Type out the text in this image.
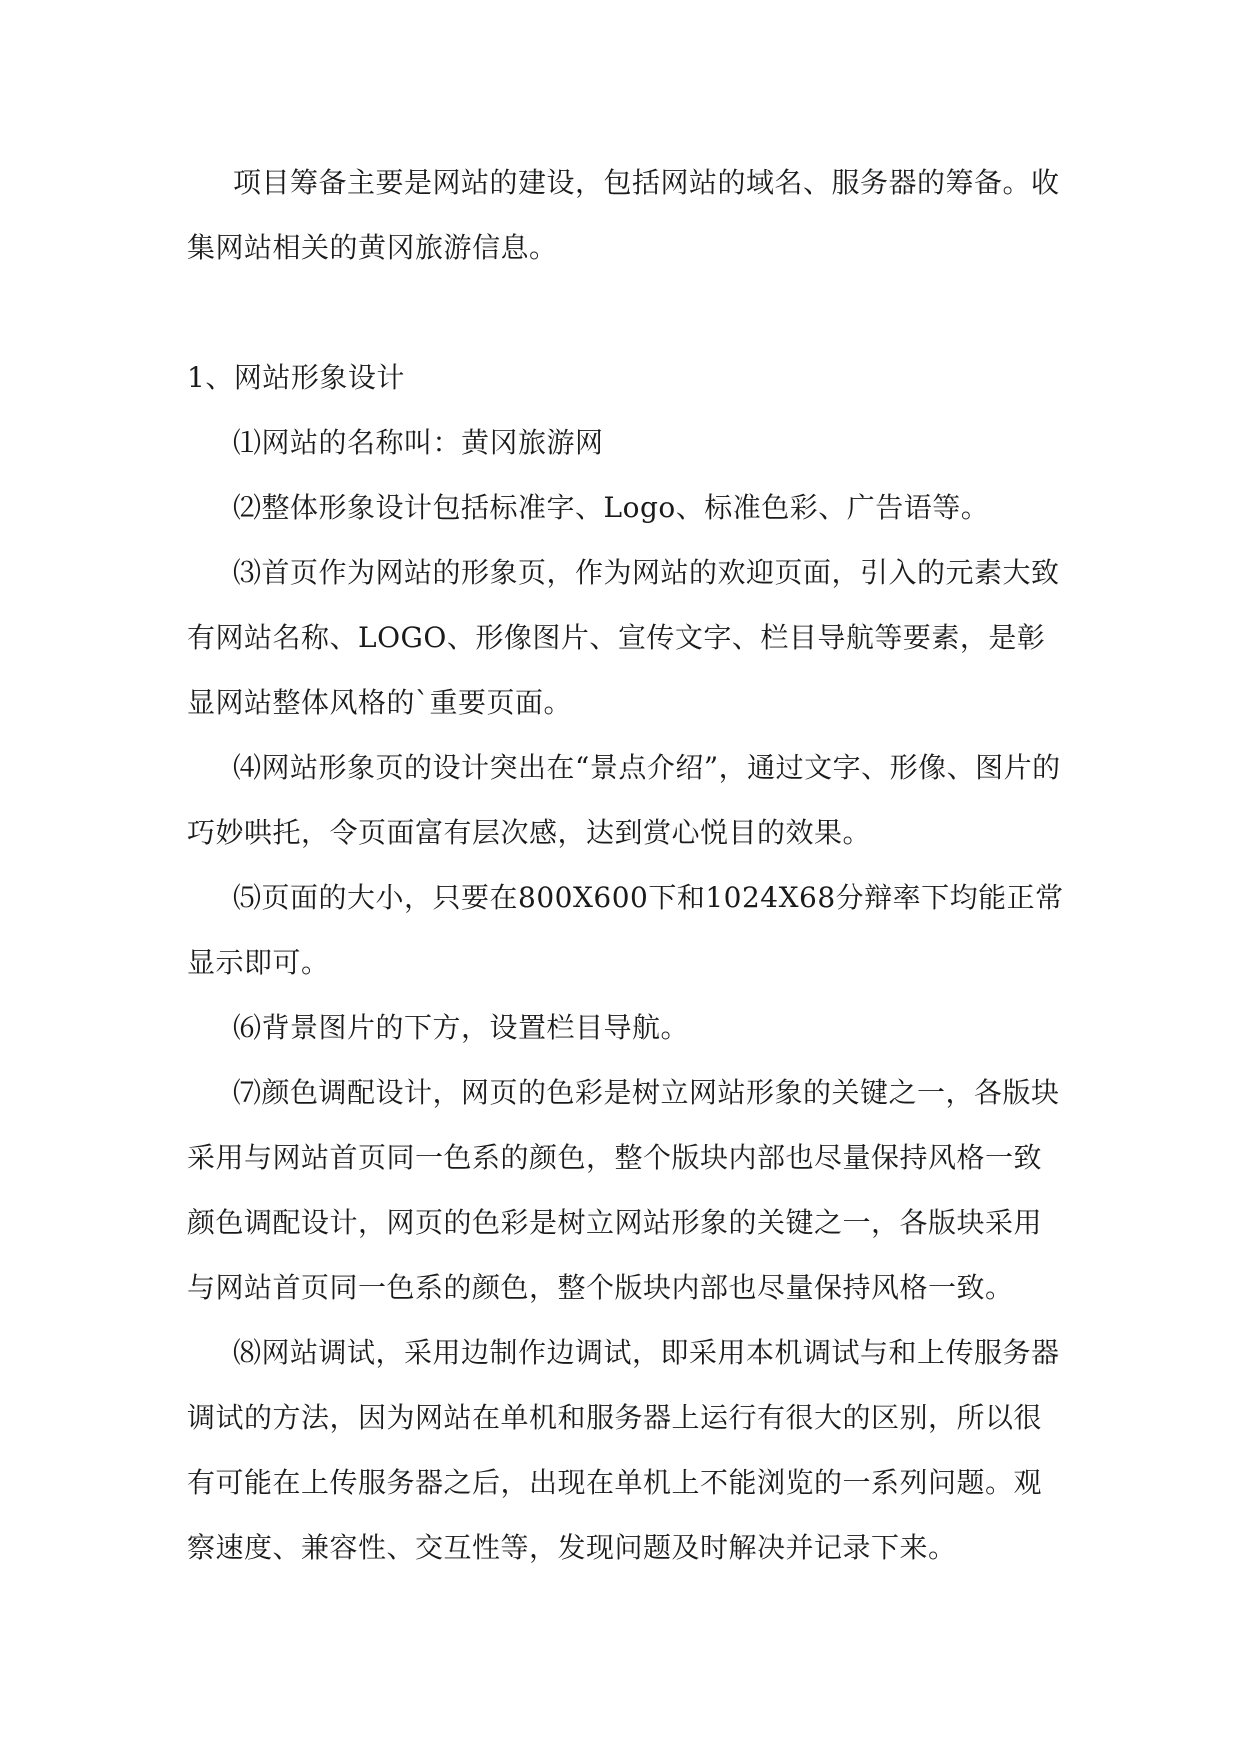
项目筹备主要是网站的建设，包括网站的域名、服务器的筹备。收集网站相关的黄冈旅游信息。

1、网站形象设计

⑴网站的名称叫：黄冈旅游网

⑵整体形象设计包括标准字、Logo、标准色彩、广告语等。

⑶首页作为网站的形象页，作为网站的欢迎页面，引入的元素大致有网站名称、LOGO、形像图片、宣传文字、栏目导航等要素，是彰显网站整体风格的`重要页面。

⑷网站形象页的设计突出在“景点介绍”，通过文字、形像、图片的巧妙哄托，令页面富有层次感，达到赏心悦目的效果。

⑸页面的大小，只要在800X600下和1024X68分辩率下均能正常显示即可。

⑹背景图片的下方，设置栏目导航。

⑺颜色调配设计，网页的色彩是树立网站形象的关键之一，各版块采用与网站首页同一色系的颜色，整个版块内部也尽量保持风格一致颜色调配设计，网页的色彩是树立网站形象的关键之一，各版块采用与网站首页同一色系的颜色，整个版块内部也尽量保持风格一致。

⑻网站调试，采用边制作边调试，即采用本机调试与和上传服务器调试的方法，因为网站在单机和服务器上运行有很大的区别，所以很有可能在上传服务器之后，出现在单机上不能浏览的一系列问题。观察速度、兼容性、交互性等，发现问题及时解决并记录下来。
